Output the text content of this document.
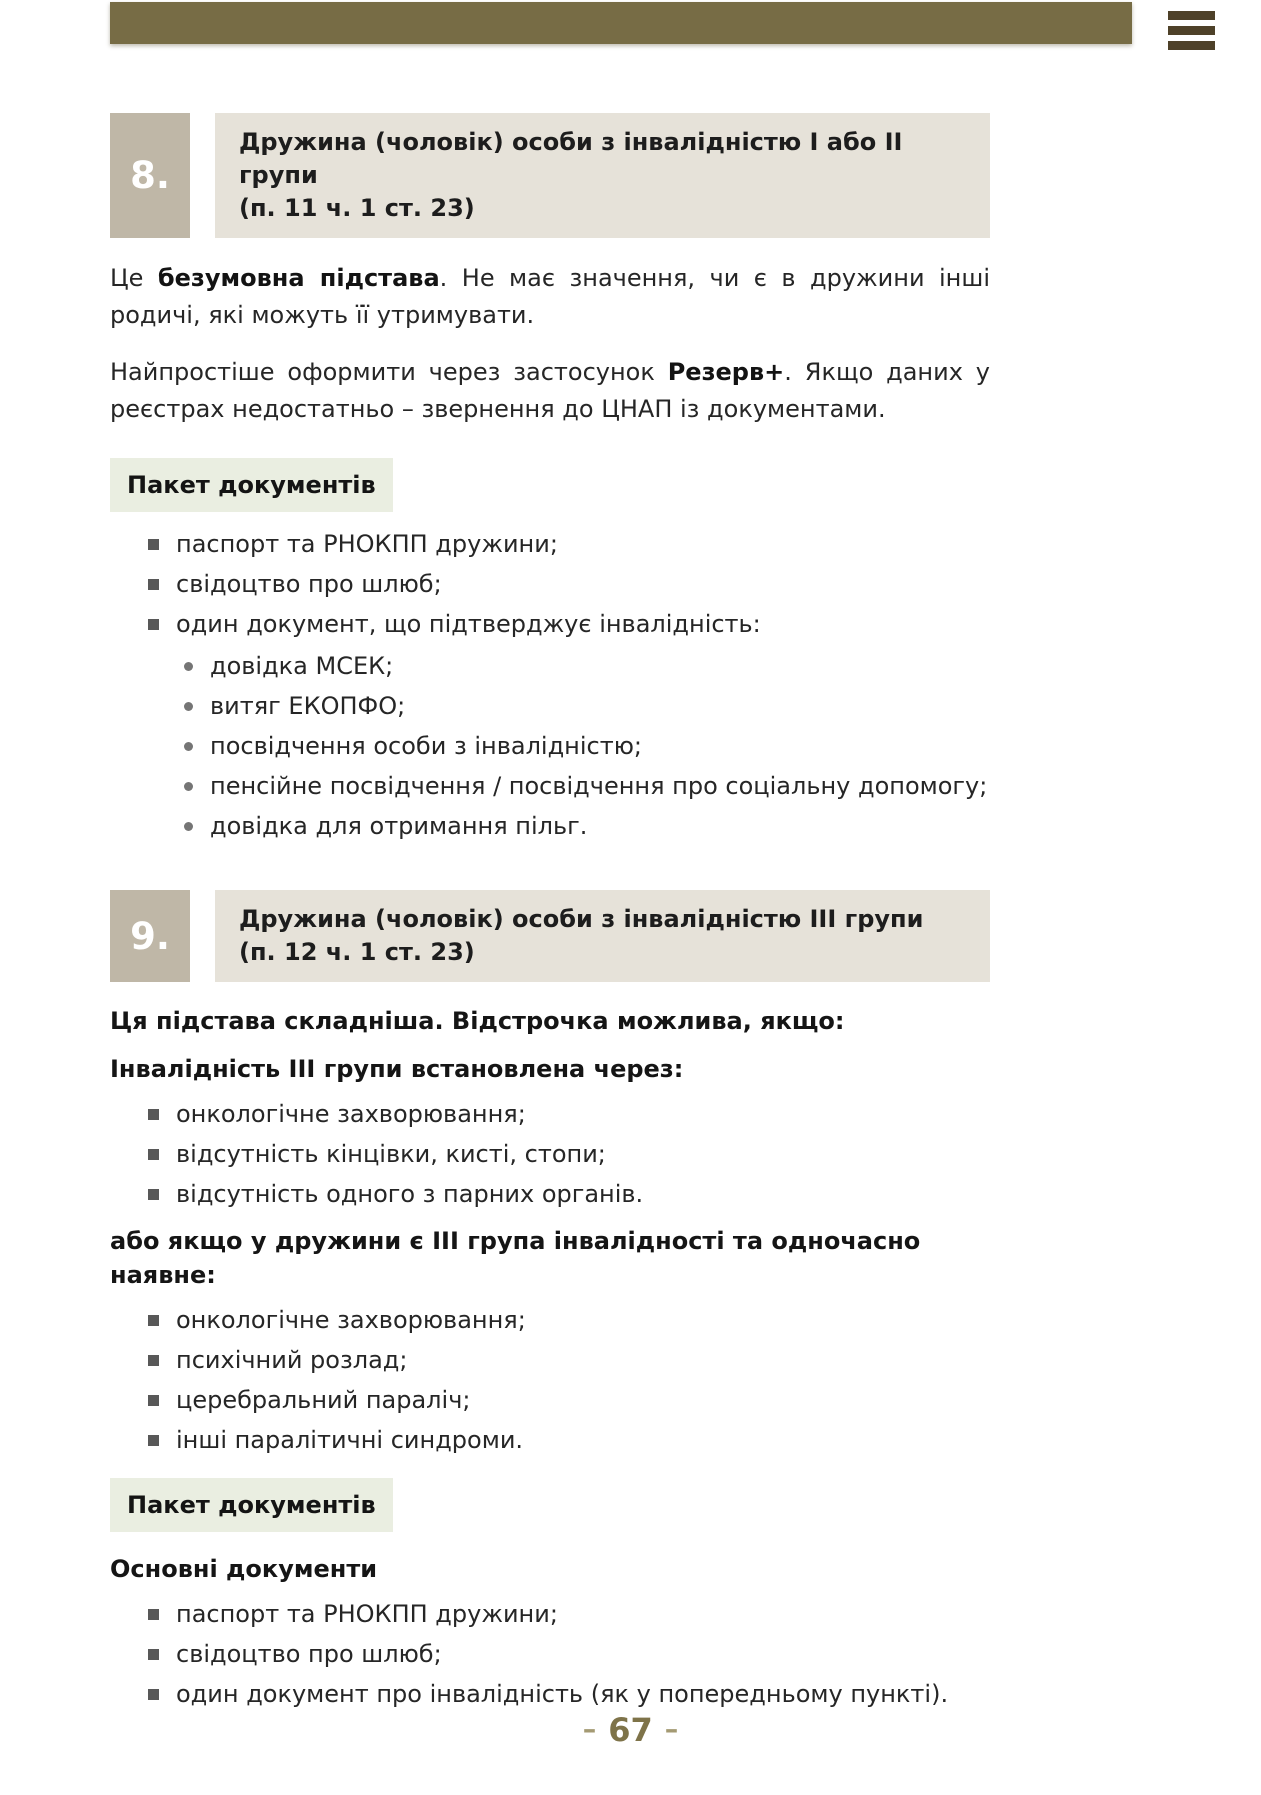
8.
Дружина (чоловік) особи з інвалідністю I або II групи
(п. 11 ч. 1 ст. 23)

Це безумовна підстава. Не має значення, чи є в дружини інші родичі, які можуть її утримувати.

Найпростіше оформити через застосунок Резерв+. Якщо даних у реєстрах недостатньо – звернення до ЦНАП із документами.

Пакет документів
паспорт та РНОКПП дружини;
свідоцтво про шлюб;
один документ, що підтверджує інвалідність:
довідка МСЕК;
витяг ЕКОПФО;
посвідчення особи з інвалідністю;
пенсійне посвідчення / посвідчення про соціальну допомогу;
довідка для отримання пільг.
9.	Дружина (чоловік) особи з інвалідністю III групи
(п. 12 ч. 1 ст. 23)
Ця підстава складніша. Відстрочка можлива, якщо:
Інвалідність III групи встановлена через:
онкологічне захворювання;
відсутність кінцівки, кисті, стопи;
відсутність одного з парних органів.
або якщо у дружини є III група інвалідності та одночасно наявне:
онкологічне захворювання;
психічний розлад;
церебральний параліч;
інші паралітичні синдроми.
Пакет документів
Основні документи
паспорт та РНОКПП дружини;
свідоцтво про шлюб;
один документ про інвалідність (як у попередньому пункті).
– 67 –
